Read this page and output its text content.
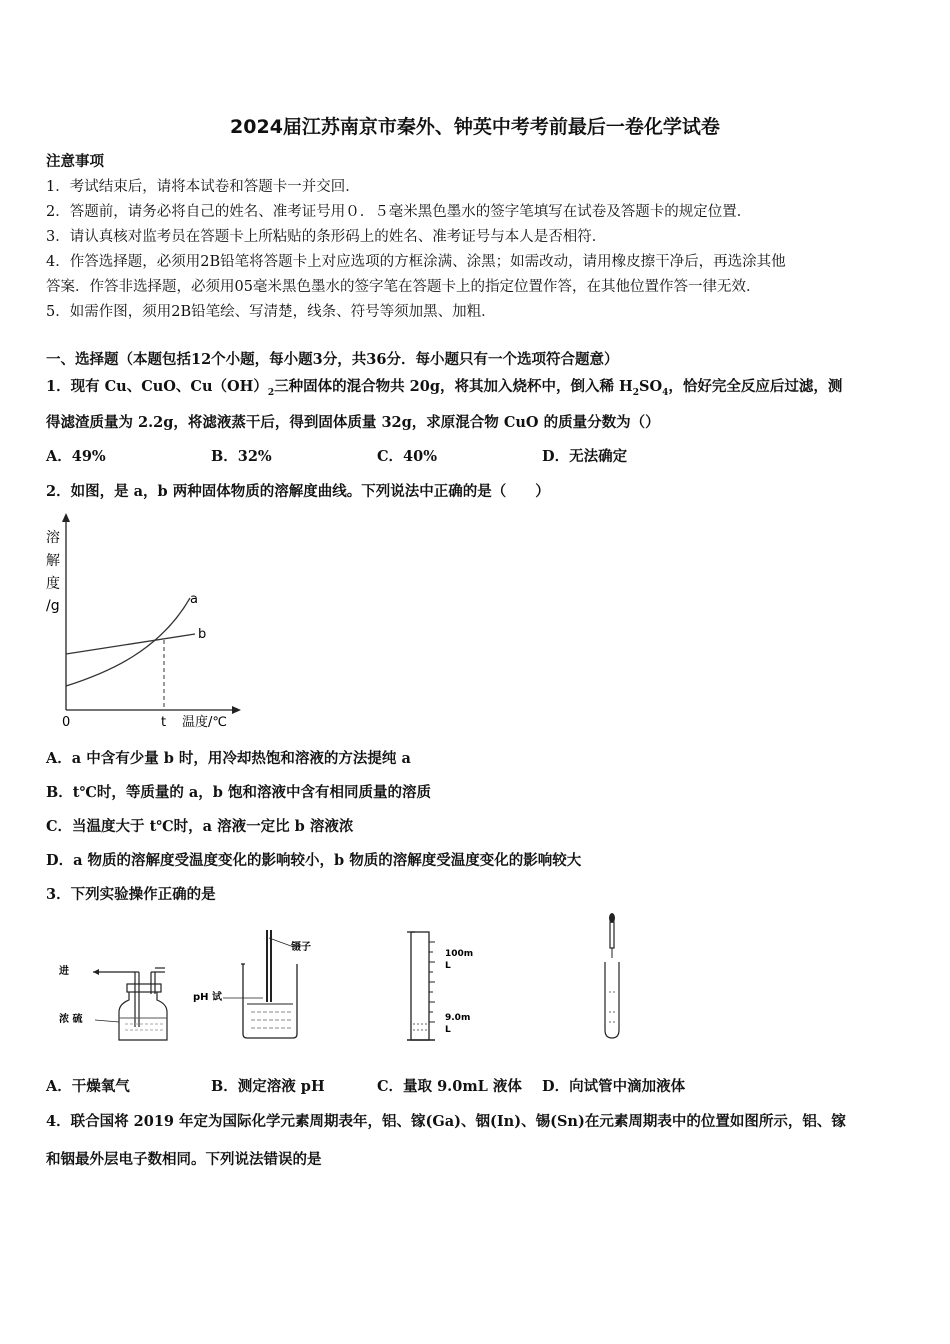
2024届江苏南京市秦外、钟英中考考前最后一卷化学试卷
注意事项
1．考试结束后，请将本试卷和答题卡一并交回．
2．答题前，请务必将自己的姓名、准考证号用０．５毫米黑色墨水的签字笔填写在试卷及答题卡的规定位置．
3．请认真核对监考员在答题卡上所粘贴的条形码上的姓名、准考证号与本人是否相符．
4．作答选择题，必须用2B铅笔将答题卡上对应选项的方框涂满、涂黑；如需改动，请用橡皮擦干净后，再选涂其他
答案．作答非选择题，必须用05毫米黑色墨水的签字笔在答题卡上的指定位置作答，在其他位置作答一律无效．
5．如需作图，须用2B铅笔绘、写清楚，线条、符号等须加黑、加粗．
一、选择题（本题包括12个小题，每小题3分，共36分．每小题只有一个选项符合题意）
1．现有 Cu、CuO、$Cu(OH)_2$三种固体的混合物共 20g，将其加入烧杯中，倒入稀 $H_2SO_4$，恰好完全反应后过滤，测
得滤渣质量为 2.2g，将滤液蒸干后，得到固体质量 32g，求原混合物 CuO 的质量分数为（）
A．49%	B．32%	C．40%	D．无法确定
2．如图，是 a，b 两种固体物质的溶解度曲线。下列说法中正确的是（　　）
溶
解
度
/g	a
b
0	t 温度/℃
A．a 中含有少量 b 时，用冷却热饱和溶液的方法提纯 a
B．t℃时，等质量的 a，b 饱和溶液中含有相同质量的溶质
C．当温度大于 t℃时，a 溶液一定比 b 溶液浓
D．a 物质的溶解度受温度变化的影响较小，b 物质的溶解度受温度变化的影响较大
3．下列实验操作正确的是
进
浓 硫
镊子
pH 试
100m
L
9.0m
L
A．干燥氧气	B．测定溶液 pH	C．量取 9.0mL 液体 D．向试管中滴加液体
4．联合国将 2019 年定为国际化学元素周期表年，铝、镓(Ga)、铟(In)、锡(Sn)在元素周期表中的位置如图所示，铝、镓
和铟最外层电子数相同。下列说法错误的是
